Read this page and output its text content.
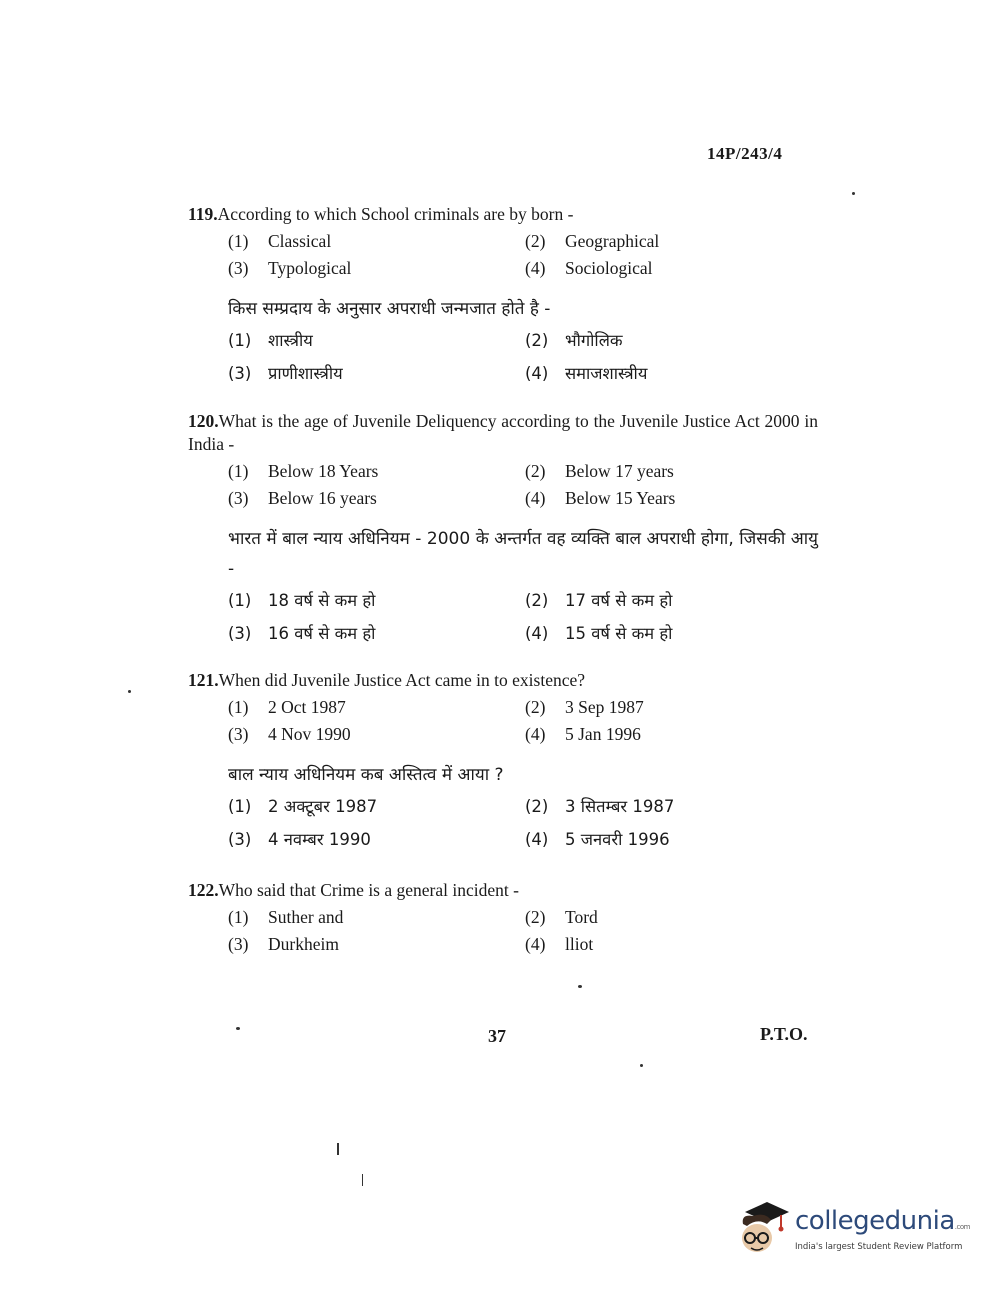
14P/243/4
119.According to which School criminals are by born -
(1)	Classical	(2)	Geographical
(3)	Typological	(4)	Sociological
किस सम्प्रदाय के अनुसार अपराधी जन्मजात होते है -
(1)	शास्त्रीय	(2)	भौगोलिक
(3)	प्राणीशास्त्रीय	(4)	समाजशास्त्रीय
120.What is the age of Juvenile Deliquency according to the Juvenile Justice Act 2000 in India -
(1)	Below 18 Years	(2)	Below 17 years
(3)	Below 16 years	(4)	Below 15 Years
भारत में बाल न्याय अधिनियम - 2000 के अन्तर्गत वह व्यक्ति बाल अपराधी होगा, जिसकी आयु -
(1)	18 वर्ष से कम हो	(2)	17 वर्ष से कम हो
(3)	16 वर्ष से कम हो	(4)	15 वर्ष से कम हो
121.When did Juvenile Justice Act came in to existence?
(1)	2 Oct 1987	(2)	3 Sep 1987
(3)	4 Nov 1990	(4)	5 Jan 1996
बाल न्याय अधिनियम कब अस्तित्व में आया ?
(1)	2 अक्टूबर 1987	(2)	3 सितम्बर 1987
(3)	4 नवम्बर 1990	(4)	5 जनवरी 1996
122.Who said that Crime is a general incident -
(1)	Suther and	(2)	Tord
(3)	Durkheim	(4)	lliot
37	P.T.O.
collegedunia.com
India's largest Student Review Platform
